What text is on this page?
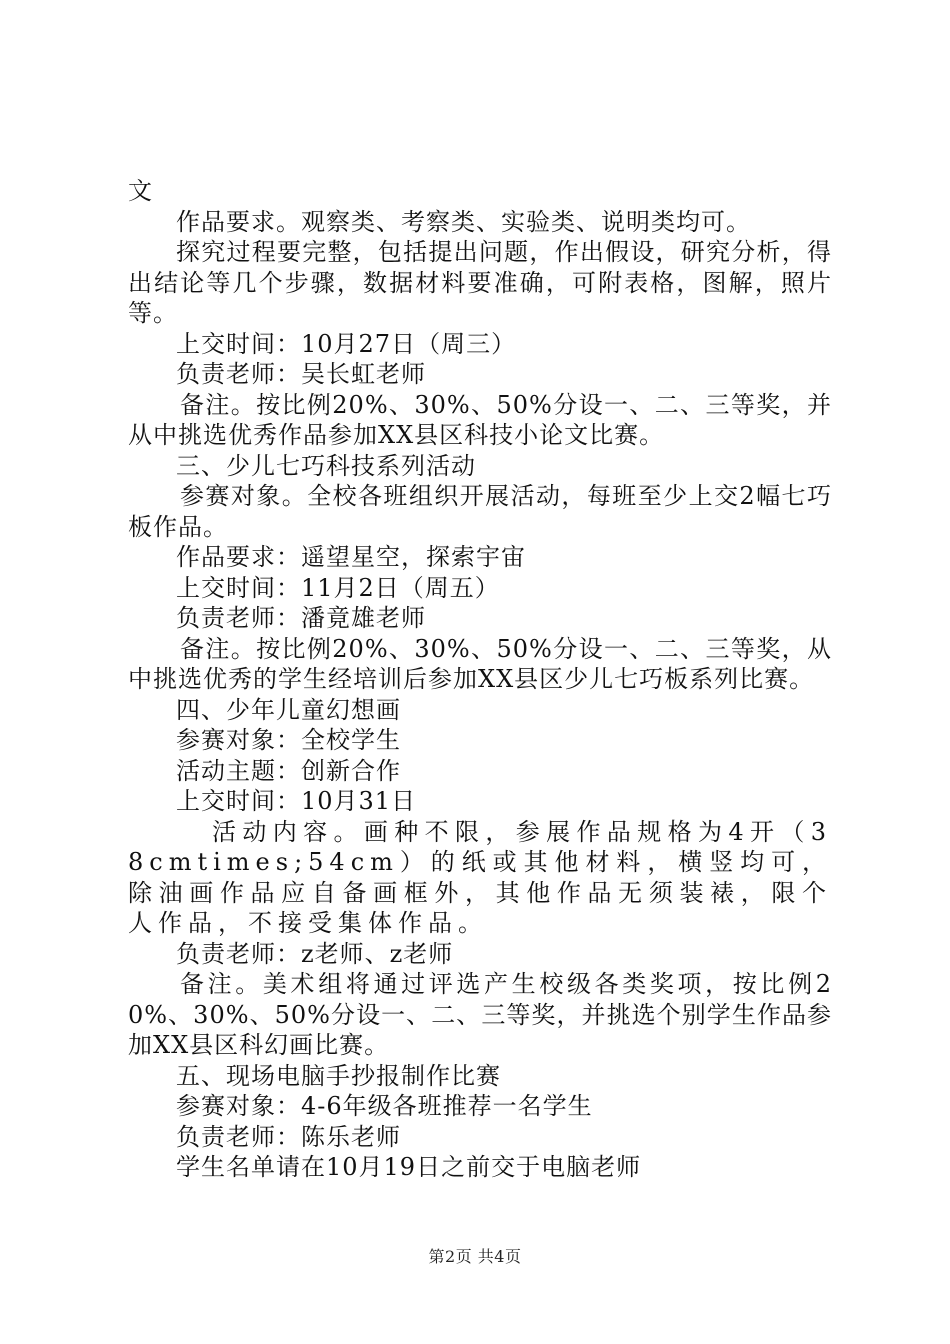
文

作品要求。观察类、考察类、实验类、说明类均可。

探究过程要完整，包括提出问题，作出假设，研究分析，得出结论等几个步骤，数据材料要准确，可附表格，图解，照片等。

上交时间：10月27日（周三）

负责老师：吴长虹老师

备注。按比例20%、30%、50%分设一、二、三等奖，并从中挑选优秀作品参加XX县区科技小论文比赛。

三、少儿七巧科技系列活动

参赛对象。全校各班组织开展活动，每班至少上交2幅七巧板作品。

作品要求：遥望星空，探索宇宙

上交时间：11月2日（周五）

负责老师：潘竟雄老师

备注。按比例20%、30%、50%分设一、二、三等奖，从中挑选优秀的学生经培训后参加XX县区少儿七巧板系列比赛。

四、少年儿童幻想画

参赛对象：全校学生

活动主题：创新合作

上交时间：10月31日

活动内容。画种不限，参展作品规格为4开（38cmtimes;54cm）的纸或其他材料，横竖均可，除油画作品应自备画框外，其他作品无须装裱，限个人作品，不接受集体作品。

负责老师：z老师、z老师

备注。美术组将通过评选产生校级各类奖项，按比例20%、30%、50%分设一、二、三等奖，并挑选个别学生作品参加XX县区科幻画比赛。

五、现场电脑手抄报制作比赛

参赛对象：4-6年级各班推荐一名学生

负责老师：陈乐老师

学生名单请在10月19日之前交于电脑老师

第2页 共4页
